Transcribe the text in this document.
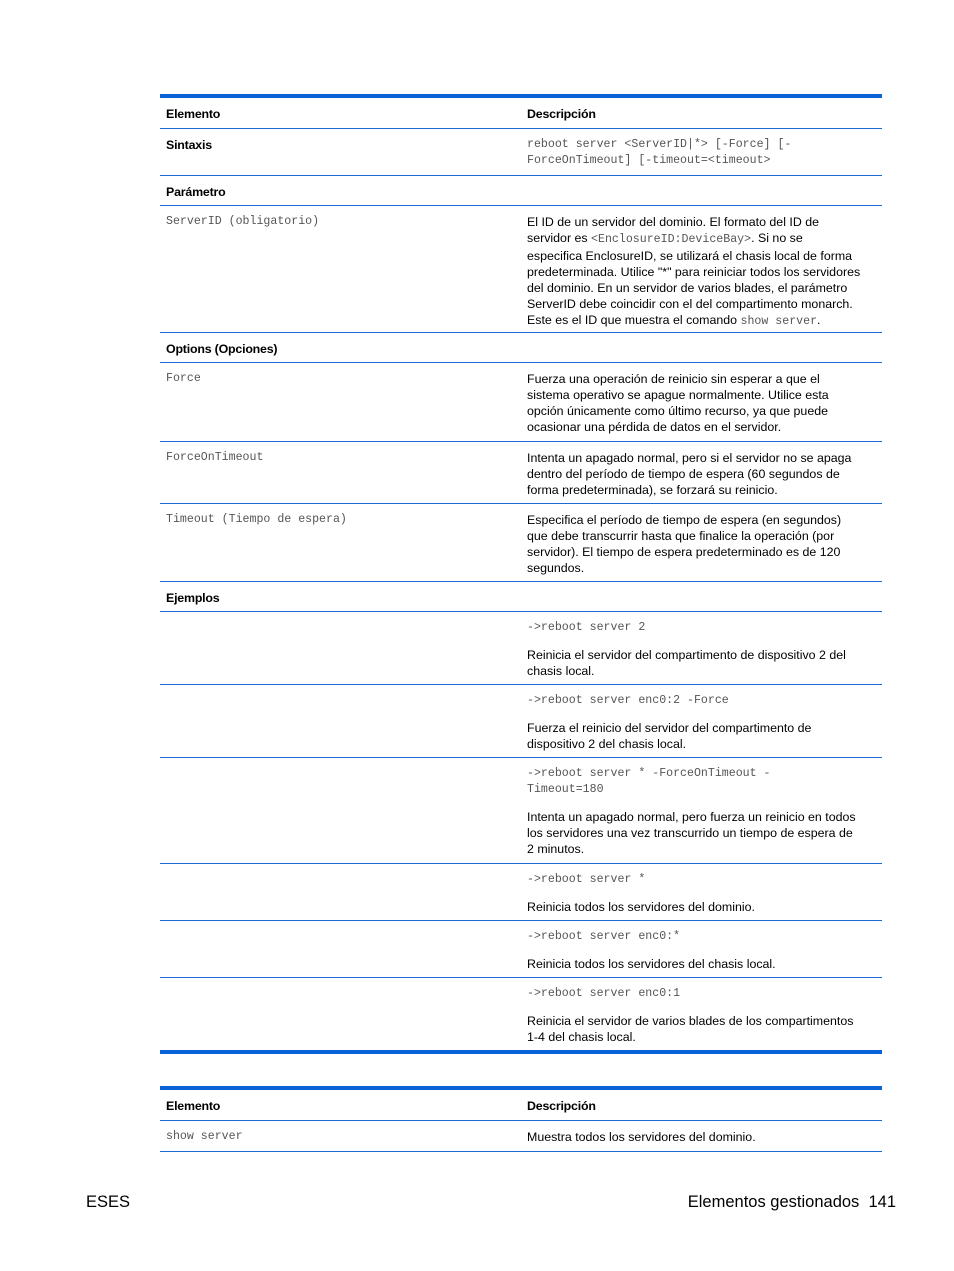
Elemento	Descripción
Sintaxis	reboot server <ServerID|*> [-Force] [-
ForceOnTimeout] [-timeout=<timeout>
Parámetro
ServerID (obligatorio)	El ID de un servidor del dominio. El formato del ID de
servidor es <EnclosureID:DeviceBay>. Si no se
especifica EnclosureID, se utilizará el chasis local de forma
predeterminada. Utilice "*" para reiniciar todos los servidores
del dominio. En un servidor de varios blades, el parámetro
ServerID debe coincidir con el del compartimento monarch.
Este es el ID que muestra el comando show server.
Options (Opciones)
Force	Fuerza una operación de reinicio sin esperar a que el
sistema operativo se apague normalmente. Utilice esta
opción únicamente como último recurso, ya que puede
ocasionar una pérdida de datos en el servidor.
ForceOnTimeout	Intenta un apagado normal, pero si el servidor no se apaga
dentro del período de tiempo de espera (60 segundos de
forma predeterminada), se forzará su reinicio.
Timeout (Tiempo de espera)	Especifica el período de tiempo de espera (en segundos)
que debe transcurrir hasta que finalice la operación (por
servidor). El tiempo de espera predeterminado es de 120
segundos.
Ejemplos
->reboot server 2
Reinicia el servidor del compartimento de dispositivo 2 del
chasis local.
->reboot server enc0:2 -Force
Fuerza el reinicio del servidor del compartimento de
dispositivo 2 del chasis local.
->reboot server * -ForceOnTimeout -
Timeout=180
Intenta un apagado normal, pero fuerza un reinicio en todos
los servidores una vez transcurrido un tiempo de espera de
2 minutos.
->reboot server *
Reinicia todos los servidores del dominio.
->reboot server enc0:*
Reinicia todos los servidores del chasis local.
->reboot server enc0:1
Reinicia el servidor de varios blades de los compartimentos
1-4 del chasis local.
Elemento	Descripción
show server	Muestra todos los servidores del dominio.
ESES	Elementos gestionados 141
